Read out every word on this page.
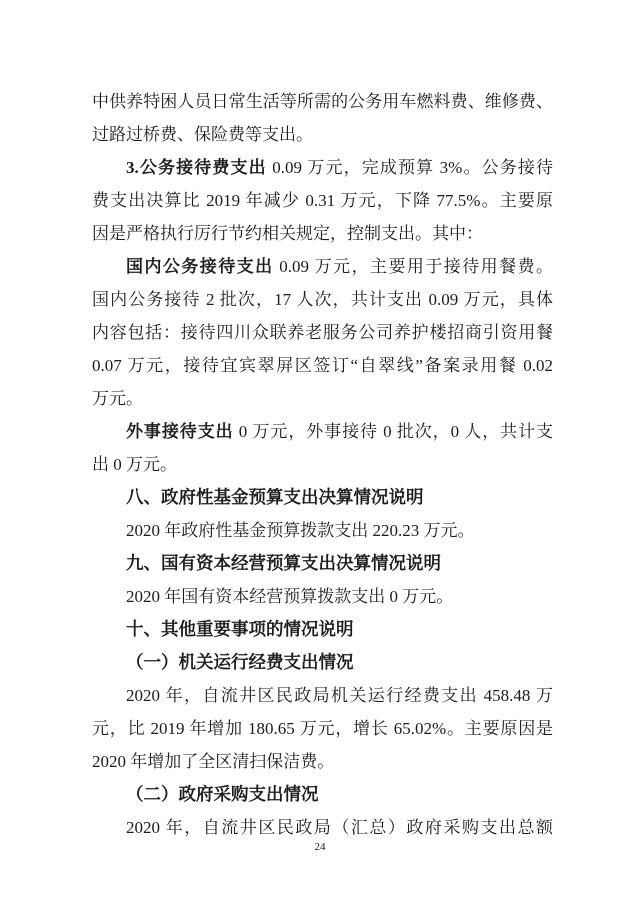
中供养特困人员日常生活等所需的公务用车燃料费、维修费、
过路过桥费、保险费等支出。
3.公务接待费支出 0.09 万元，完成预算 3%。公务接待
费支出决算比 2019 年减少 0.31 万元，下降 77.5%。主要原
因是严格执行厉行节约相关规定，控制支出。其中：
国内公务接待支出 0.09 万元，主要用于接待用餐费。
国内公务接待 2 批次，17 人次，共计支出 0.09 万元，具体
内容包括：接待四川众联养老服务公司养护楼招商引资用餐
0.07 万元，接待宜宾翠屏区签订“自翠线”备案录用餐 0.02
万元。
外事接待支出 0 万元，外事接待 0 批次，0 人，共计支
出 0 万元。
八、政府性基金预算支出决算情况说明
2020 年政府性基金预算拨款支出 220.23 万元。
九、国有资本经营预算支出决算情况说明
2020 年国有资本经营预算拨款支出 0 万元。
十、其他重要事项的情况说明
（一）机关运行经费支出情况
2020 年，自流井区民政局机关运行经费支出 458.48 万
元，比 2019 年增加 180.65 万元，增长 65.02%。主要原因是
2020 年增加了全区清扫保洁费。
（二）政府采购支出情况
2020 年，自流井区民政局（汇总）政府采购支出总额
24
